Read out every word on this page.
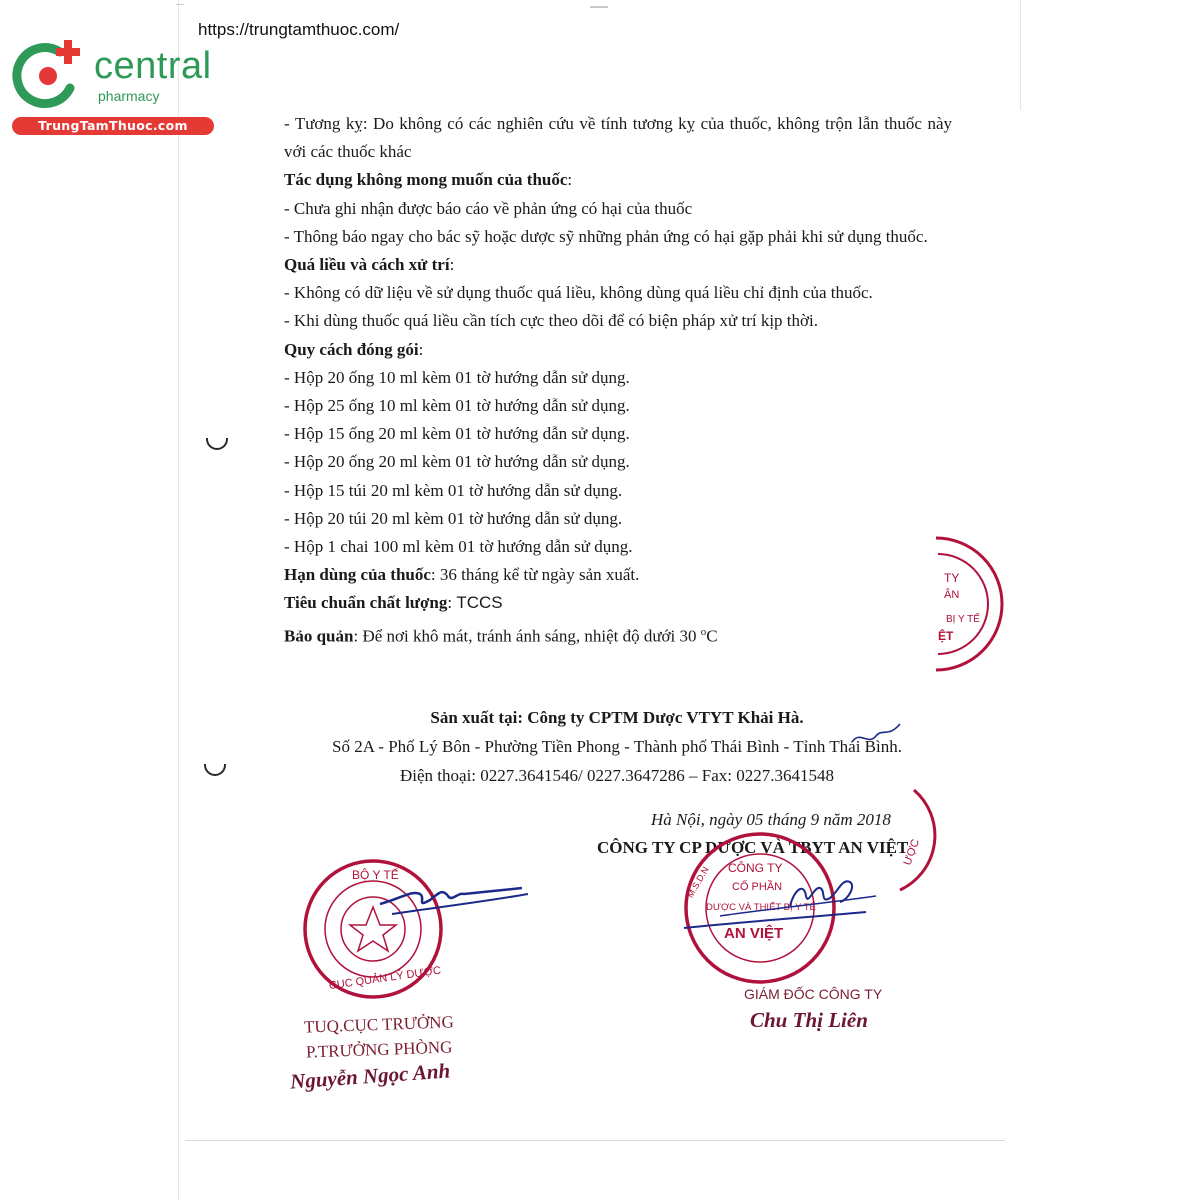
https://trungtamthuoc.com/
central
pharmacy
TrungTamThuoc.com	- Tương kỵ: Do không có các nghiên cứu về tính tương kỵ của thuốc, không trộn lẫn thuốc này với các thuốc khác

Tác dụng không mong muốn của thuốc:

- Chưa ghi nhận được báo cáo về phản ứng có hại của thuốc

- Thông báo ngay cho bác sỹ hoặc dược sỹ những phản ứng có hại gặp phải khi sử dụng thuốc.

Quá liều và cách xử trí:

- Không có dữ liệu về sử dụng thuốc quá liều, không dùng quá liều chỉ định của thuốc.

- Khi dùng thuốc quá liều cần tích cực theo dõi để có biện pháp xử trí kịp thời.

Quy cách đóng gói:

- Hộp 20 ống 10 ml kèm 01 tờ hướng dẫn sử dụng.

- Hộp 25 ống 10 ml kèm 01 tờ hướng dẫn sử dụng.

- Hộp 15 ống 20 ml kèm 01 tờ hướng dẫn sử dụng.

- Hộp 20 ống 20 ml kèm 01 tờ hướng dẫn sử dụng.

- Hộp 15 túi 20 ml kèm 01 tờ hướng dẫn sử dụng.

- Hộp 20 túi 20 ml kèm 01 tờ hướng dẫn sử dụng.

- Hộp 1 chai 100 ml kèm 01 tờ hướng dẫn sử dụng.

Hạn dùng của thuốc: 36 tháng kể từ ngày sản xuất.

Tiêu chuẩn chất lượng: TCCS

Bảo quản: Để nơi khô mát, tránh ánh sáng, nhiệt độ dưới 30 $^o$C

Sản xuất tại: Công ty CPTM Dược VTYT Khải Hà.

Số 2A - Phố Lý Bôn - Phường Tiền Phong - Thành phố Thái Bình - Tỉnh Thái Bình.

Điện thoại: 0227.3641546/ 0227.3647286 – Fax: 0227.3641548

Hà Nội, ngày 05 tháng 9 năm 2018
CÔNG TY CP DƯỢC VÀ TBYT AN VIỆT
TY
ÂN
BỊ Y TẾ
ỆT
BỘ Y TẾ
CỤC QUẢN LÝ DƯỢC
CÔNG TY
CỔ PHẦN
DƯỢC VÀ THIẾT BỊ Y TẾ
AN VIỆT
M.S.D.N
ƯỢC
TUQ.CỤC TRƯỞNG
P.TRƯỞNG PHÒNG
Nguyễn Ngọc Anh
GIÁM ĐỐC CÔNG TY
Chu Thị Liên
